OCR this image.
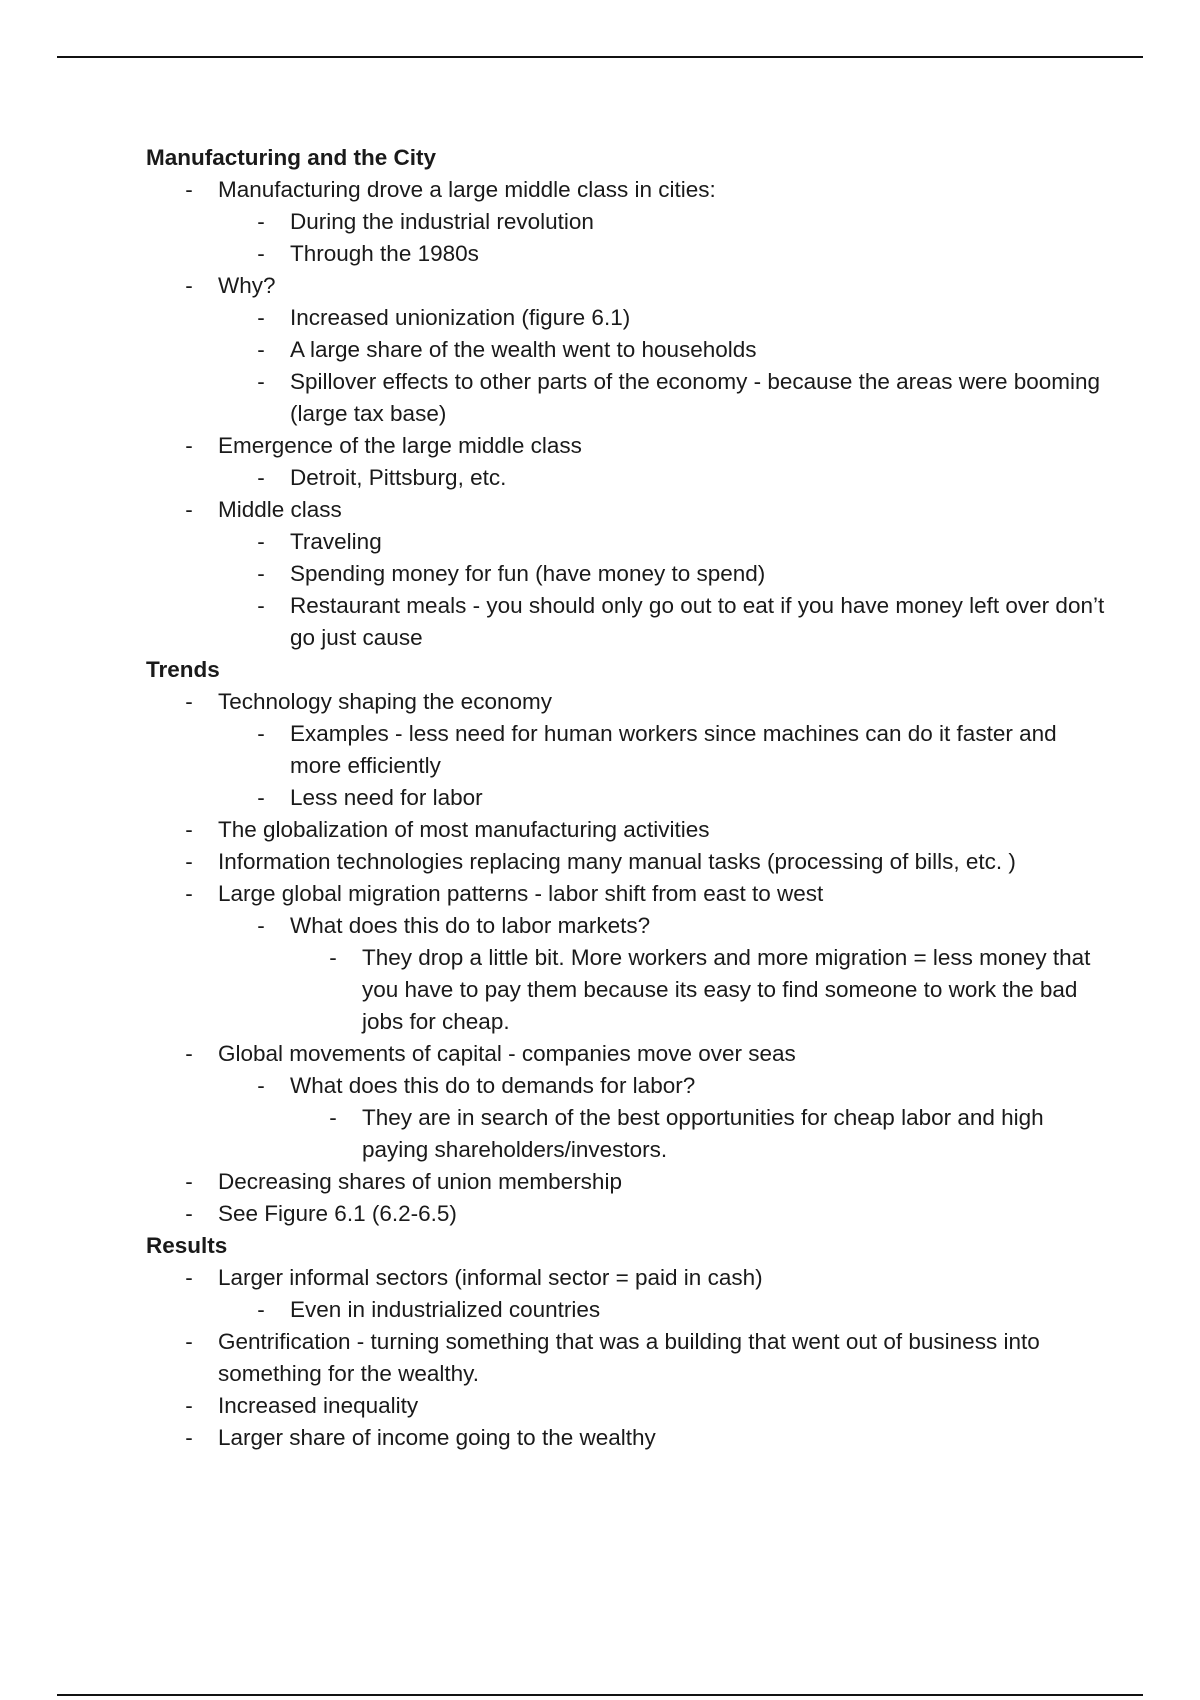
Manufacturing and the City
- Manufacturing drove a large middle class in cities:
- During the industrial revolution
- Through the 1980s
- Why?
- Increased unionization (figure 6.1)
- A large share of the wealth went to households
- Spillover effects to other parts of the economy - because the areas were booming (large tax base)
- Emergence of the large middle class
- Detroit, Pittsburg, etc.
- Middle class
- Traveling
- Spending money for fun (have money to spend)
- Restaurant meals - you should only go out to eat if you have money left over don’t go just cause
Trends
- Technology shaping the economy
- Examples - less need for human workers since machines can do it faster and more efficiently
- Less need for labor
- The globalization of most manufacturing activities
- Information technologies replacing many manual tasks (processing of bills, etc. )
- Large global migration patterns - labor shift from east to west
- What does this do to labor markets?
- They drop a little bit. More workers and more migration = less money that you have to pay them because its easy to find someone to work the bad jobs for cheap.
- Global movements of capital - companies move over seas
- What does this do to demands for labor?
- They are in search of the best opportunities for cheap labor and high paying shareholders/investors.
- Decreasing shares of union membership
- See Figure 6.1 (6.2-6.5)
Results
- Larger informal sectors (informal sector = paid in cash)
- Even in industrialized countries
- Gentrification - turning something that was a building that went out of business into something for the wealthy.
- Increased inequality
- Larger share of income going to the wealthy
